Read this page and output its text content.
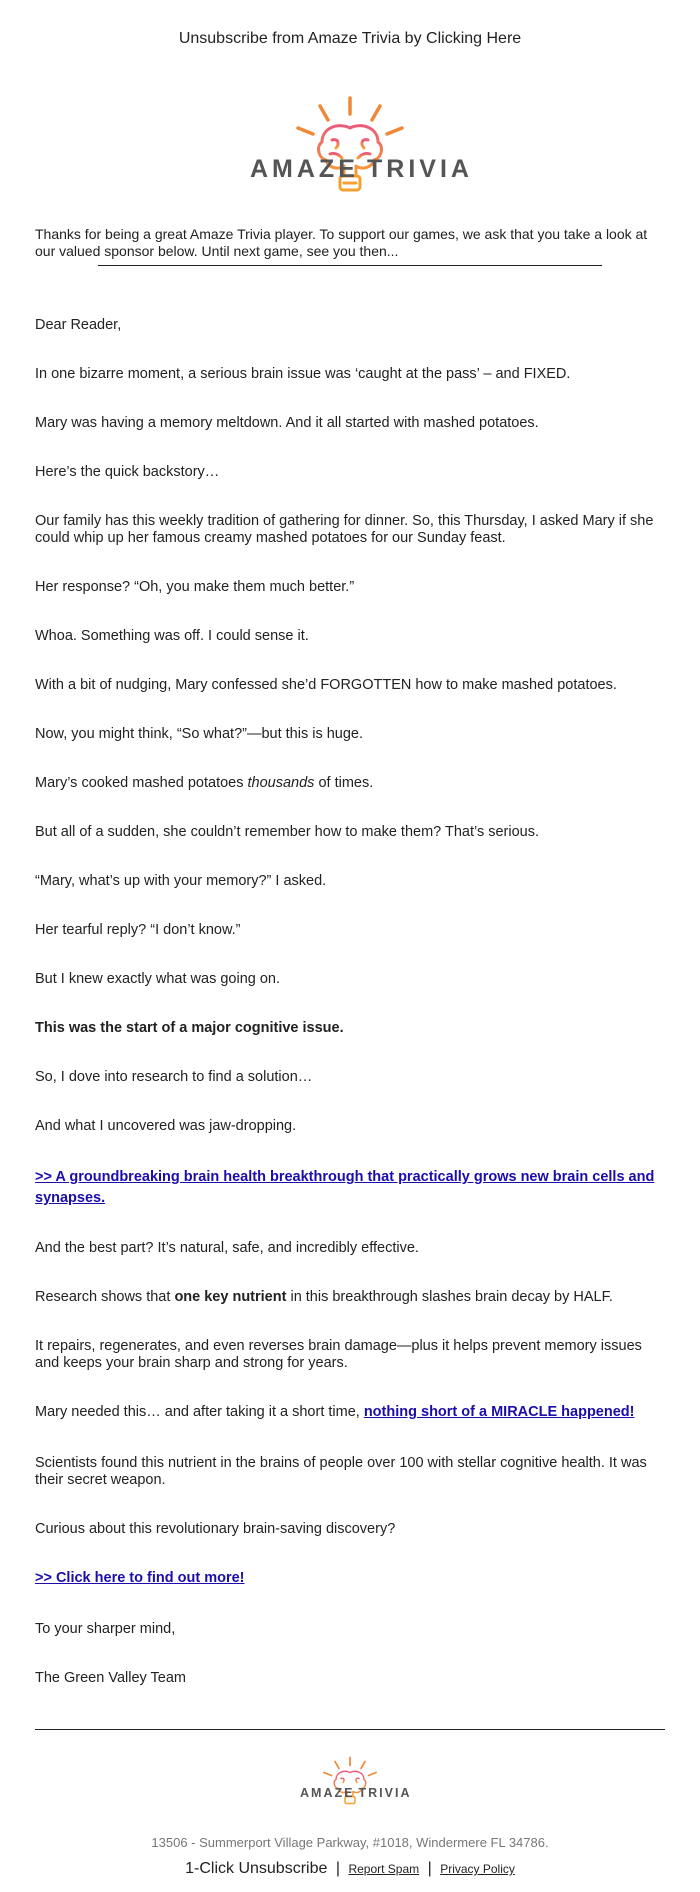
Unsubscribe from Amaze Trivia by Clicking Here
AMAZE TRIVIA
Thanks for being a great Amaze Trivia player. To support our games, we ask that you take a look at our valued sponsor below. Until next game, see you then...

Dear Reader,

In one bizarre moment, a serious brain issue was ‘caught at the pass’ – and FIXED.

Mary was having a memory meltdown. And it all started with mashed potatoes.

Here’s the quick backstory…

Our family has this weekly tradition of gathering for dinner. So, this Thursday, I asked Mary if she could whip up her famous creamy mashed potatoes for our Sunday feast.

Her response? “Oh, you make them much better.”

Whoa. Something was off. I could sense it.

With a bit of nudging, Mary confessed she’d FORGOTTEN how to make mashed potatoes.

Now, you might think, “So what?”—but this is huge.

Mary’s cooked mashed potatoes thousands of times.

But all of a sudden, she couldn’t remember how to make them? That’s serious.

“Mary, what’s up with your memory?” I asked.

Her tearful reply? “I don’t know.”

But I knew exactly what was going on.

This was the start of a major cognitive issue.

So, I dove into research to find a solution…

And what I uncovered was jaw-dropping.

>> A groundbreaking brain health breakthrough that practically grows new brain cells and synapses.

And the best part? It’s natural, safe, and incredibly effective.

Research shows that one key nutrient in this breakthrough slashes brain decay by HALF.

It repairs, regenerates, and even reverses brain damage—plus it helps prevent memory issues and keeps your brain sharp and strong for years.

Mary needed this… and after taking it a short time, nothing short of a MIRACLE happened!

Scientists found this nutrient in the brains of people over 100 with stellar cognitive health. It was their secret weapon.

Curious about this revolutionary brain-saving discovery?

>> Click here to find out more!

To your sharper mind,

The Green Valley Team

AMAZE TRIVIA
13506 - Summerport Village Parkway, #1018, Windermere FL 34786.
1-Click Unsubscribe | Report Spam | Privacy Policy
